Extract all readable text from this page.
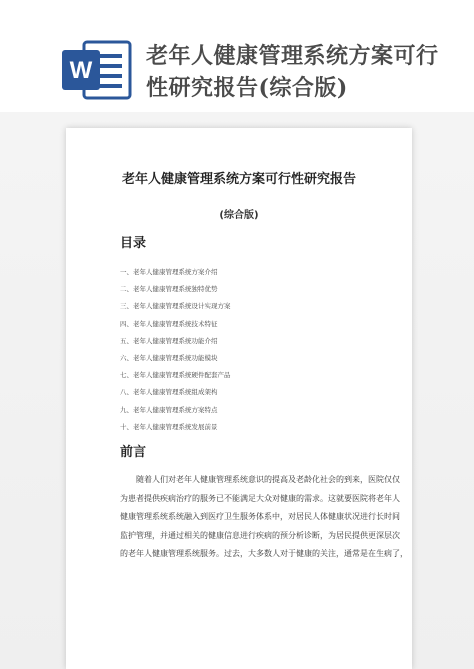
W
老年人健康管理系统方案可行
性研究报告(综合版)
老年人健康管理系统方案可行性研究报告
(综合版)
目录
一、老年人健康管理系统方案介绍
二、老年人健康管理系统独特优势
三、老年人健康管理系统设计实现方案
四、老年人健康管理系统技术特征
五、老年人健康管理系统功能介绍
六、老年人健康管理系统功能模块
七、老年人健康管理系统硬件配套产品
八、老年人健康管理系统组成架构
九、老年人健康管理系统方案特点
十、老年人健康管理系统发展前景
前言
　　随着人们对老年人健康管理系统意识的提高及老龄化社会的到来，医院仅仅
为患者提供疾病治疗的服务已不能满足大众对健康的需求。这就要医院将老年人
健康管理系统系统融入到医疗卫生服务体系中，对居民人体健康状况进行长时间
监护管理，并通过相关的健康信息进行疾病的预分析诊断，为居民提供更深层次
的老年人健康管理系统服务。过去，大多数人对于健康的关注，通常是在生病了，
